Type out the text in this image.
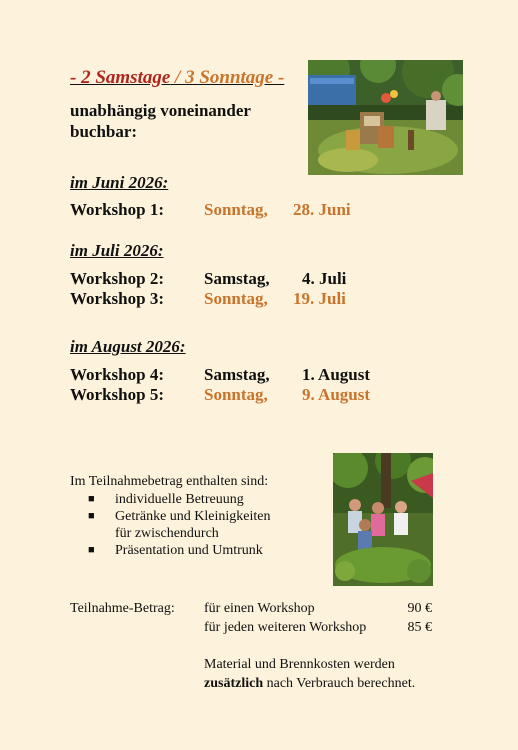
- 2 Samstage / 3 Sonntage -
unabhängig voneinander
buchbar:
im Juni 2026:
Workshop 1: Sonntag, 28. Juni
im Juli 2026:
Workshop 2: Samstag, 4. Juli
Workshop 3: Sonntag, 19. Juli
im August 2026:
Workshop 4: Samstag, 1. August
Workshop 5: Sonntag, 9. August
Im Teilnahmebetrag enthalten sind:
■ individuelle Betreuung
■ Getränke und Kleinigkeiten
für zwischendurch
■ Präsentation und Umtrunk
Teilnahme-Betrag: für einen Workshop	90 €
für jeden weiteren Workshop	85 €
Material und Brennkosten werden
zusätzlich nach Verbrauch berechnet.
